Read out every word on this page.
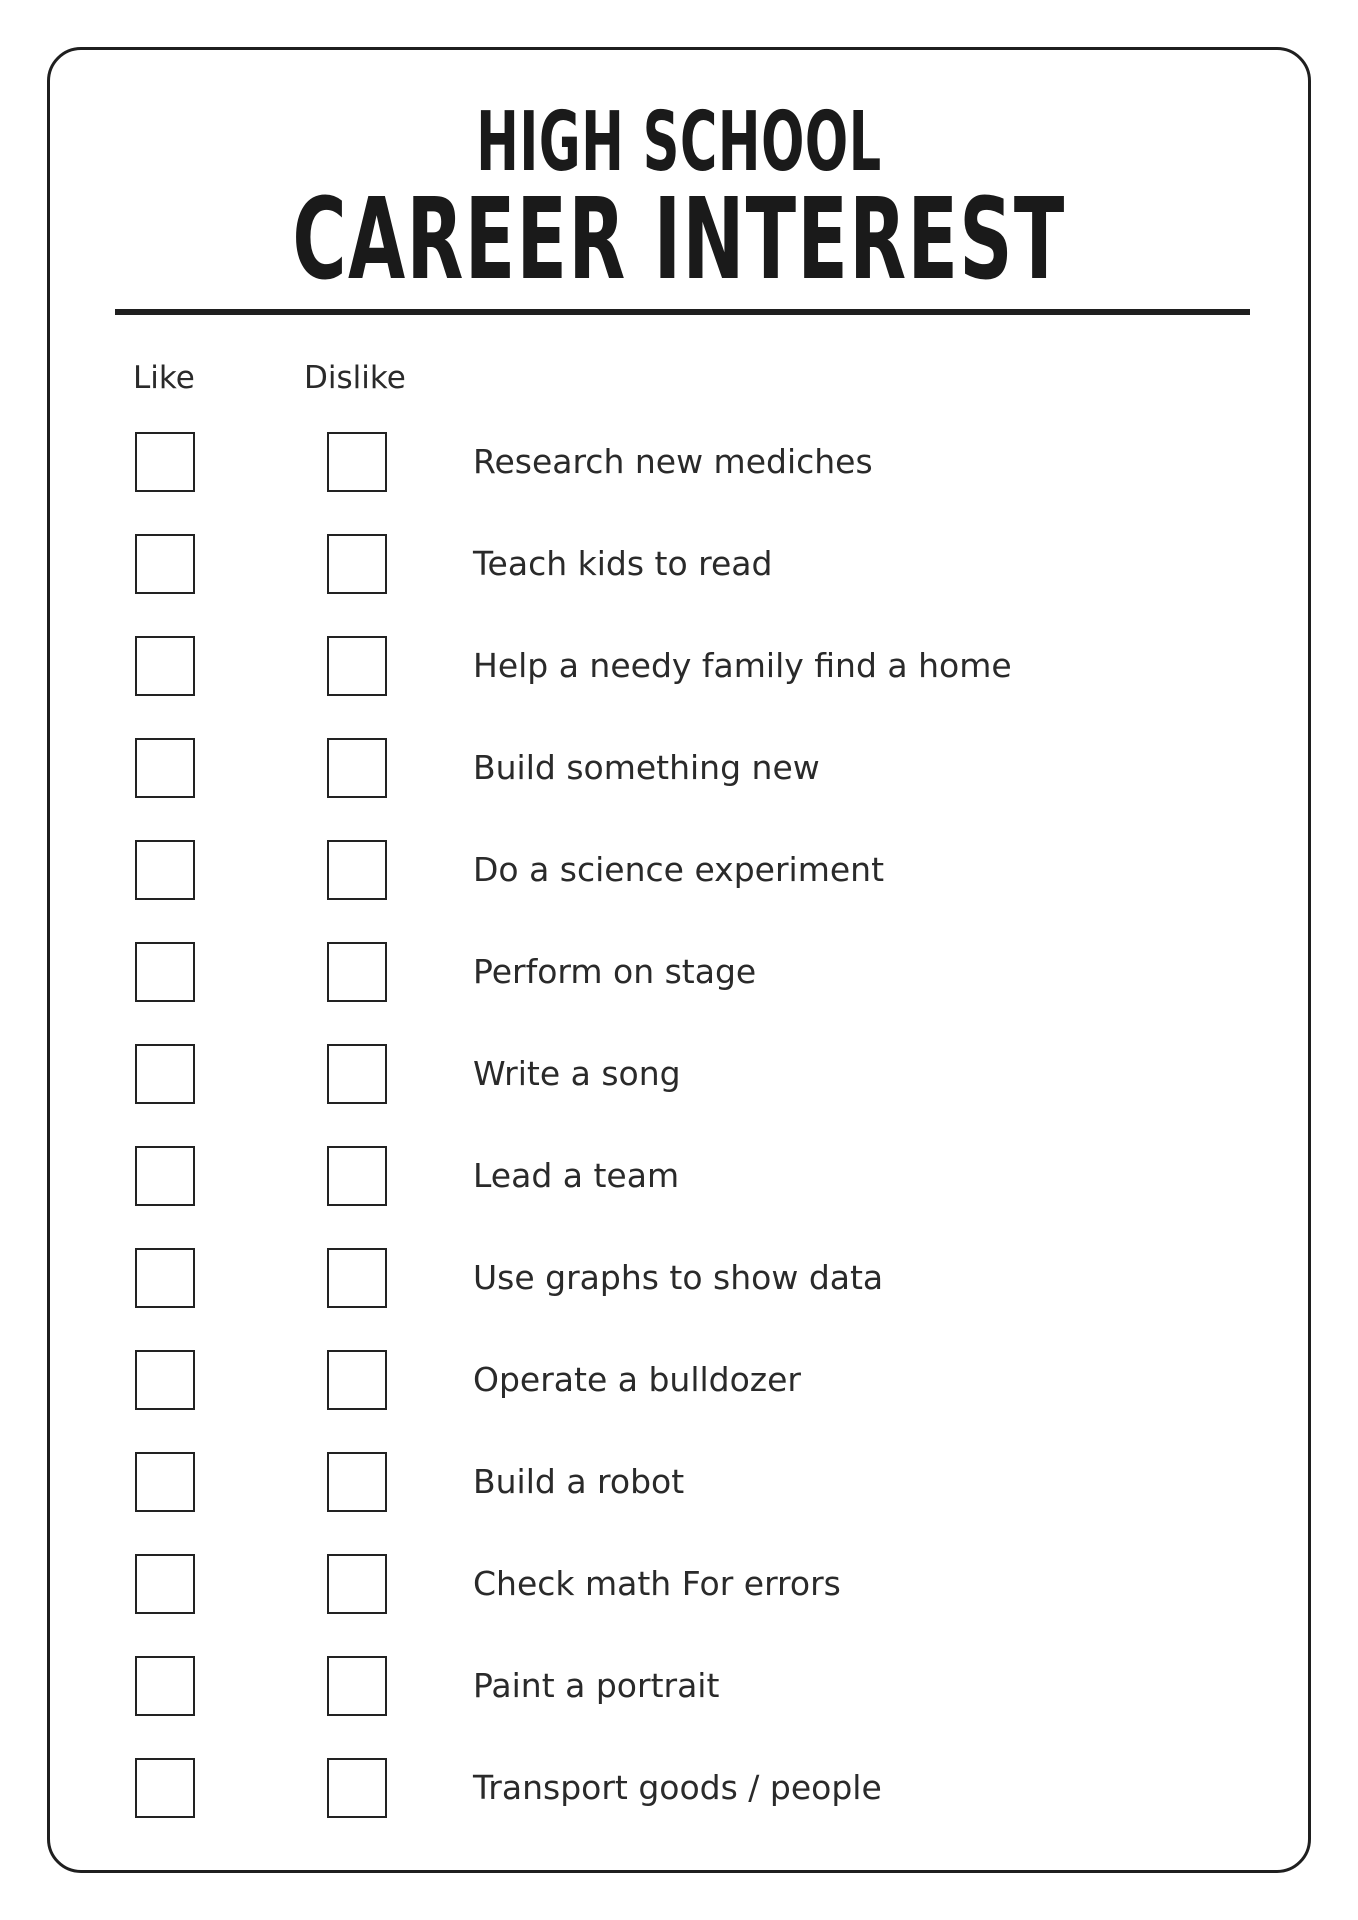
HIGH SCHOOL
CAREER INTEREST
Like	Dislike
Research new mediches
Teach kids to read
Help a needy family find a home
Build something new
Do a science experiment
Perform on stage
Write a song
Lead a team
Use graphs to show data
Operate a bulldozer
Build a robot
Check math For errors
Paint a portrait
Transport goods / people
